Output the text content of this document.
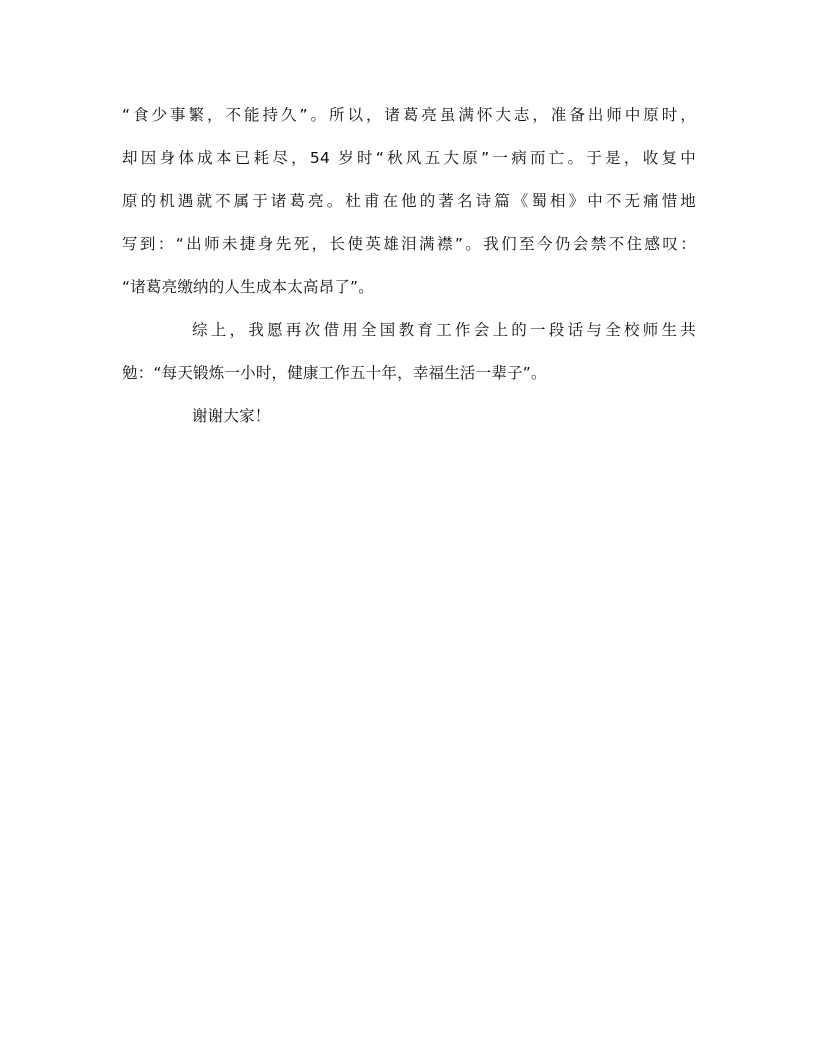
“食少事繁，不能持久”。所以，诸葛亮虽满怀大志，准备出师中原时，
却因身体成本已耗尽，54 岁时“秋风五大原”一病而亡。于是，收复中
原的机遇就不属于诸葛亮。杜甫在他的著名诗篇《蜀相》中不无痛惜地
写到：“出师未捷身先死，长使英雄泪满襟”。我们至今仍会禁不住感叹：
“诸葛亮缴纳的人生成本太高昂了”。
综上，我愿再次借用全国教育工作会上的一段话与全校师生共
勉：“每天锻炼一小时，健康工作五十年，幸福生活一辈子”。
谢谢大家！
